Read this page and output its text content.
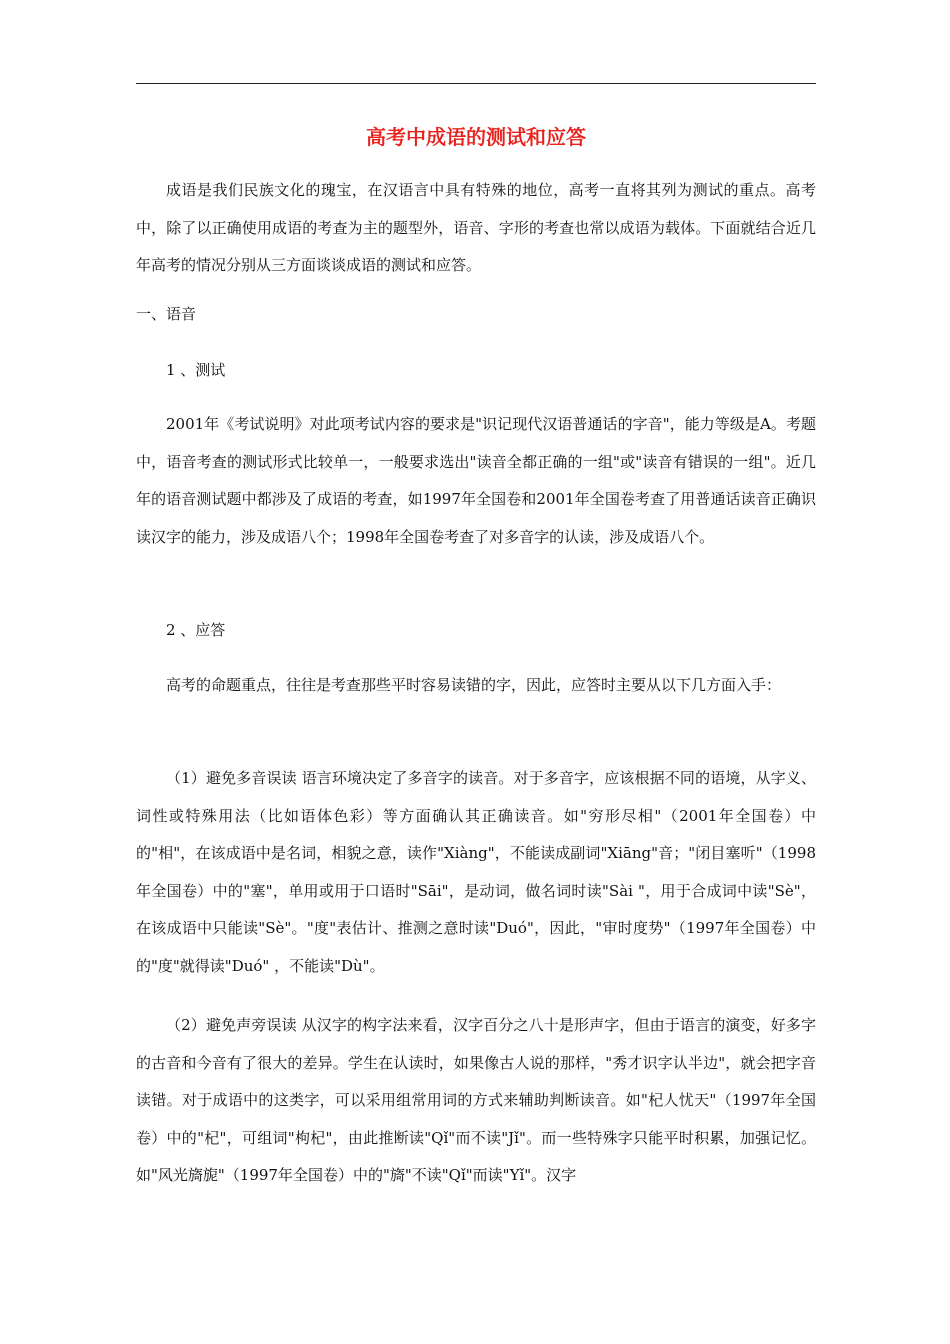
高考中成语的测试和应答

成语是我们民族文化的瑰宝，在汉语言中具有特殊的地位，高考一直将其列为测试的重点。高考中，除了以正确使用成语的考查为主的题型外，语音、字形的考查也常以成语为载体。下面就结合近几年高考的情况分别从三方面谈谈成语的测试和应答。

一、语音

1 、测试

2001年《考试说明》对此项考试内容的要求是"识记现代汉语普通话的字音"，能力等级是A。考题中，语音考查的测试形式比较单一，一般要求选出"读音全都正确的一组"或"读音有错误的一组"。近几年的语音测试题中都涉及了成语的考查，如1997年全国卷和2001年全国卷考查了用普通话读音正确识读汉字的能力，涉及成语八个；1998年全国卷考查了对多音字的认读，涉及成语八个。

2 、应答

高考的命题重点，往往是考查那些平时容易读错的字，因此，应答时主要从以下几方面入手：

（1）避免多音误读 语言环境决定了多音字的读音。对于多音字，应该根据不同的语境，从字义、词性或特殊用法（比如语体色彩）等方面确认其正确读音。如"穷形尽相"（2001年全国卷）中的"相"，在该成语中是名词，相貌之意，读作"Xiàng"，不能读成副词"Xiāng"音；"闭目塞听"（1998年全国卷）中的"塞"，单用或用于口语时"Sāi"，是动词，做名词时读"Sài "，用于合成词中读"Sè"，在该成语中只能读"Sè"。"度"表估计、推测之意时读"Duó"，因此，"审时度势"（1997年全国卷）中的"度"就得读"Duó" ，不能读"Dù"。

（2）避免声旁误读 从汉字的构字法来看，汉字百分之八十是形声字，但由于语言的演变，好多字的古音和今音有了很大的差异。学生在认读时，如果像古人说的那样，"秀才识字认半边"，就会把字音读错。对于成语中的这类字，可以采用组常用词的方式来辅助判断读音。如"杞人忧天"（1997年全国卷）中的"杞"，可组词"枸杞"，由此推断读"Qǐ"而不读"Jǐ"。而一些特殊字只能平时积累，加强记忆。如"风光旖旎"（1997年全国卷）中的"旖"不读"Qǐ"而读"Yǐ"。汉字
